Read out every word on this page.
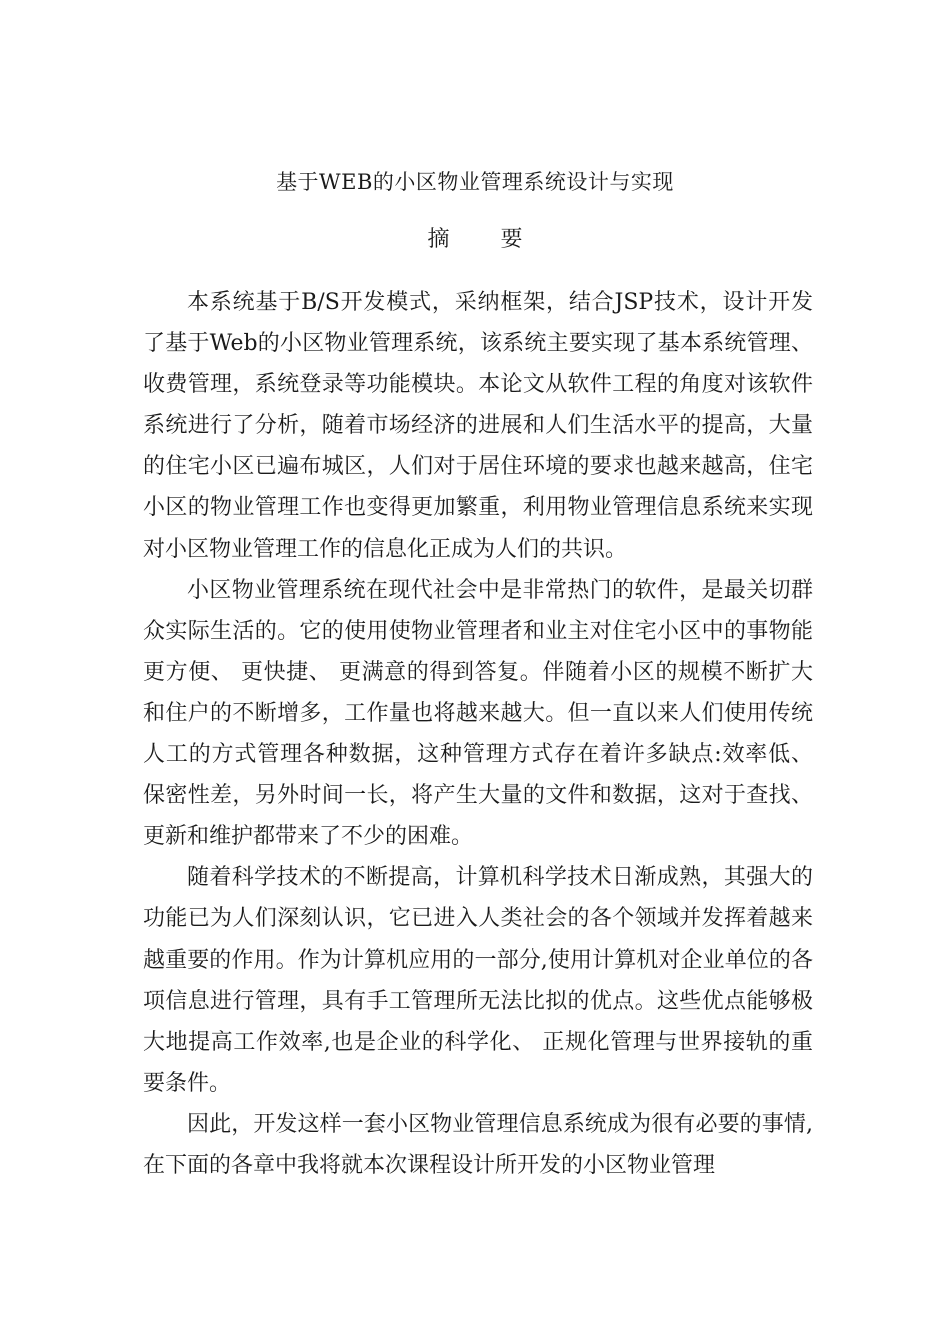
基于WEB的小区物业管理系统设计与实现
摘 要

本系统基于B/S开发模式，采纳框架，结合JSP技术，设计开发了基于Web的小区物业管理系统，该系统主要实现了基本系统管理、 收费管理，系统登录等功能模块。本论文从软件工程的角度对该软件系统进行了分析，随着市场经济的进展和人们生活水平的提高，大量的住宅小区已遍布城区，人们对于居住环境的要求也越来越高，住宅小区的物业管理工作也变得更加繁重，利用物业管理信息系统来实现对小区物业管理工作的信息化正成为人们的共识。

小区物业管理系统在现代社会中是非常热门的软件，是最关切群众实际生活的。它的使用使物业管理者和业主对住宅小区中的事物能更方便、 更快捷、 更满意的得到答复。伴随着小区的规模不断扩大和住户的不断增多，工作量也将越来越大。但一直以来人们使用传统人工的方式管理各种数据，这种管理方式存在着许多缺点:效率低、 保密性差，另外时间一长，将产生大量的文件和数据，这对于查找、 更新和维护都带来了不少的困难。

随着科学技术的不断提高，计算机科学技术日渐成熟，其强大的功能已为人们深刻认识，它已进入人类社会的各个领域并发挥着越来越重要的作用。作为计算机应用的一部分,使用计算机对企业单位的各项信息进行管理，具有手工管理所无法比拟的优点。这些优点能够极大地提高工作效率,也是企业的科学化、 正规化管理与世界接轨的重要条件。

因此，开发这样一套小区物业管理信息系统成为很有必要的事情,在下面的各章中我将就本次课程设计所开发的小区物业管理
